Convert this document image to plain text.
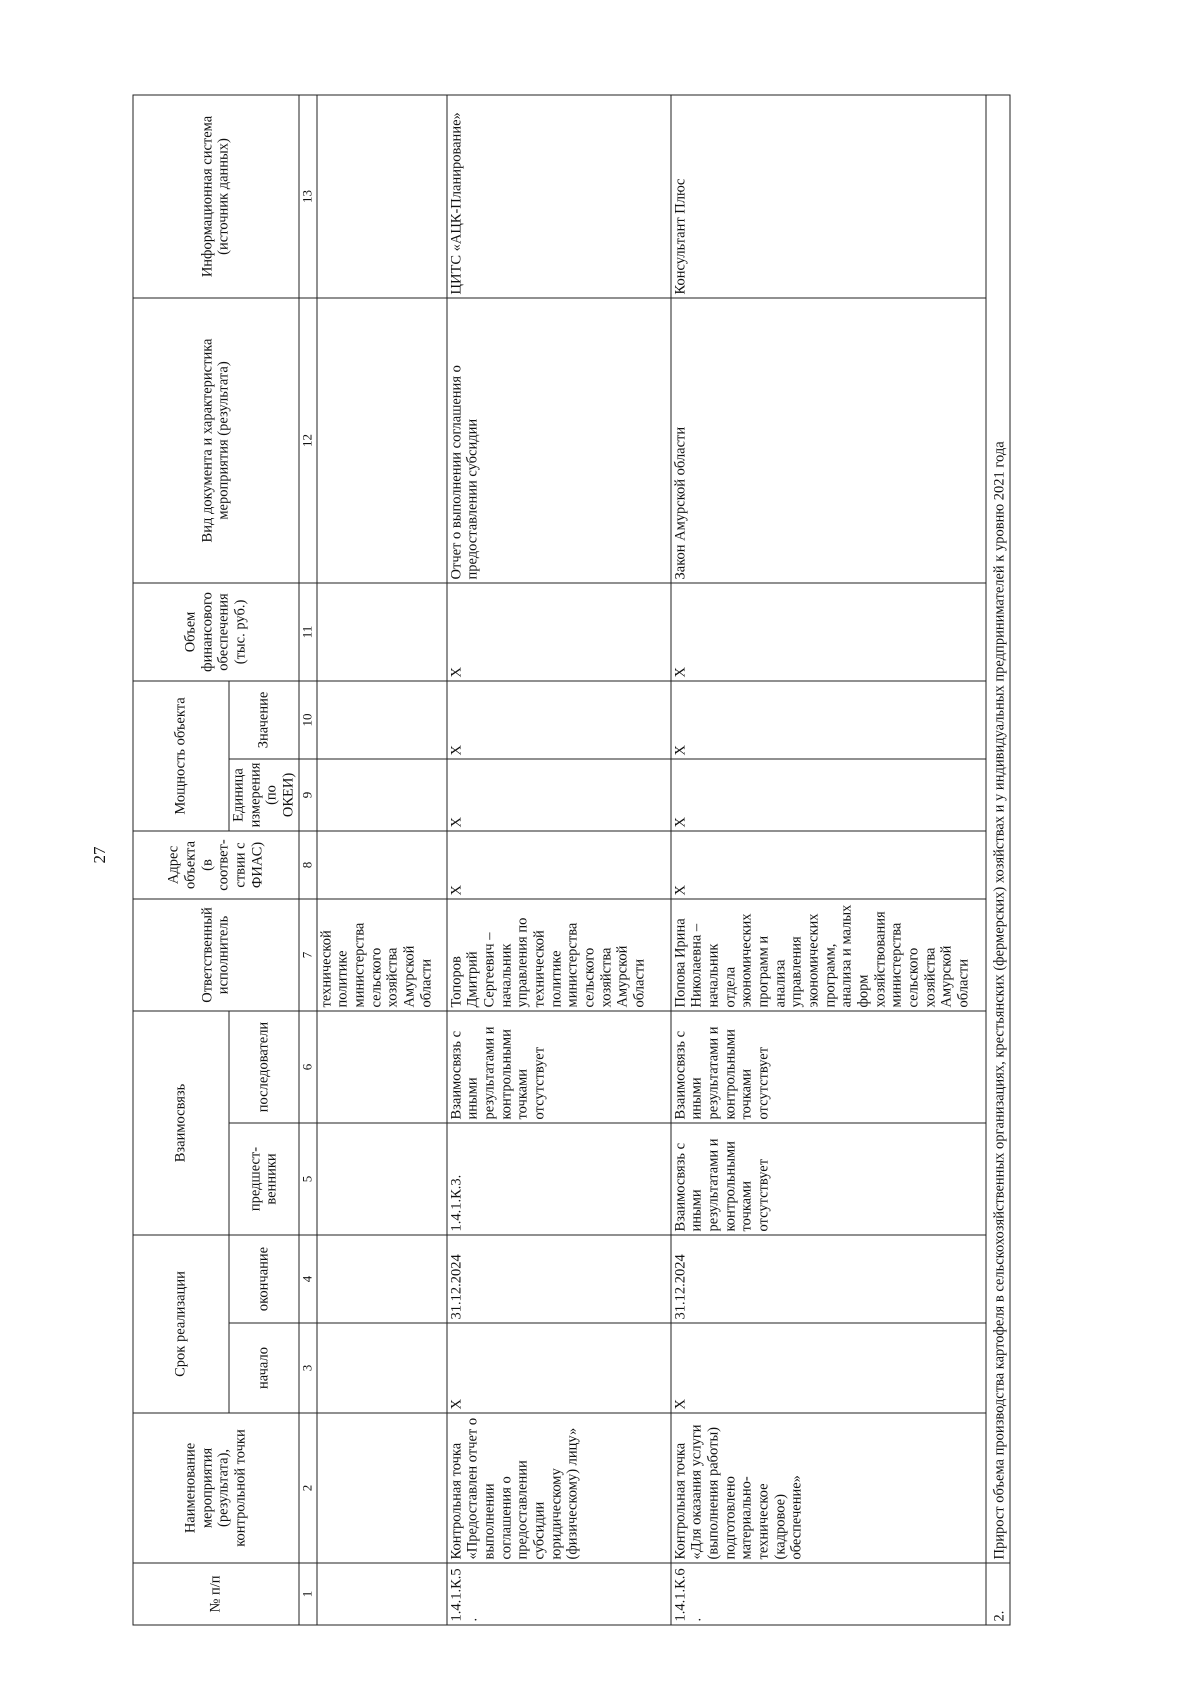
27
№ п/п	Наименование мероприятия (результата), контрольной точки	Срок реализации		Взаимосвязь		Ответственный исполнитель	Адрес объекта (в соответ-ствии с ФИАС)	Мощность объекта		Объем финансового обеспечения (тыс. руб.)	Вид документа и характеристика мероприятия (результата)	Информационная система (источник данных)
		начало	окончание	предшест-венники	последователи			Единица измерения (по ОКЕИ)	Значение			
1	2	3	4	5	6	7	8	9	10	11	12	13
						технической политике министерства сельского хозяйства Амурской области						
1.4.1.К.5.	Контрольная точка «Предоставлен отчет о выполнении соглашения о предоставлении субсидии юридическому (физическому) лицу»	Х	31.12.2024	1.4.1.К.3.	Взаимосвязь с иными результатами и контрольными точками отсутствует	Топоров Дмитрий Сергеевич – начальник управления по технической политике министерства сельского хозяйства Амурской области	Х	Х	Х	Х	Отчет о выполнении соглашения о предоставлении субсидии	ЦИТС «АЦК-Планирование»
1.4.1.К.6.	Контрольная точка «Для оказания услуги (выполнения работы) подготовлено материально-техническое (кадровое) обеспечение»	Х	31.12.2024	Взаимосвязь с иными результатами и контрольными точками отсутствует	Взаимосвязь с иными результатами и контрольными точками отсутствует	Попова Ирина Николаевна – начальник отдела экономических программ и анализа управления экономических программ, анализа и малых форм хозяйствования министерства сельского хозяйства Амурской области	Х	Х	Х	Х	Закон Амурской области	Консультант Плюс
2.	Прирост объема производства картофеля в сельскохозяйственных организациях, крестьянских (фермерских) хозяйствах и у индивидуальных предпринимателей к уровню 2021 года											
